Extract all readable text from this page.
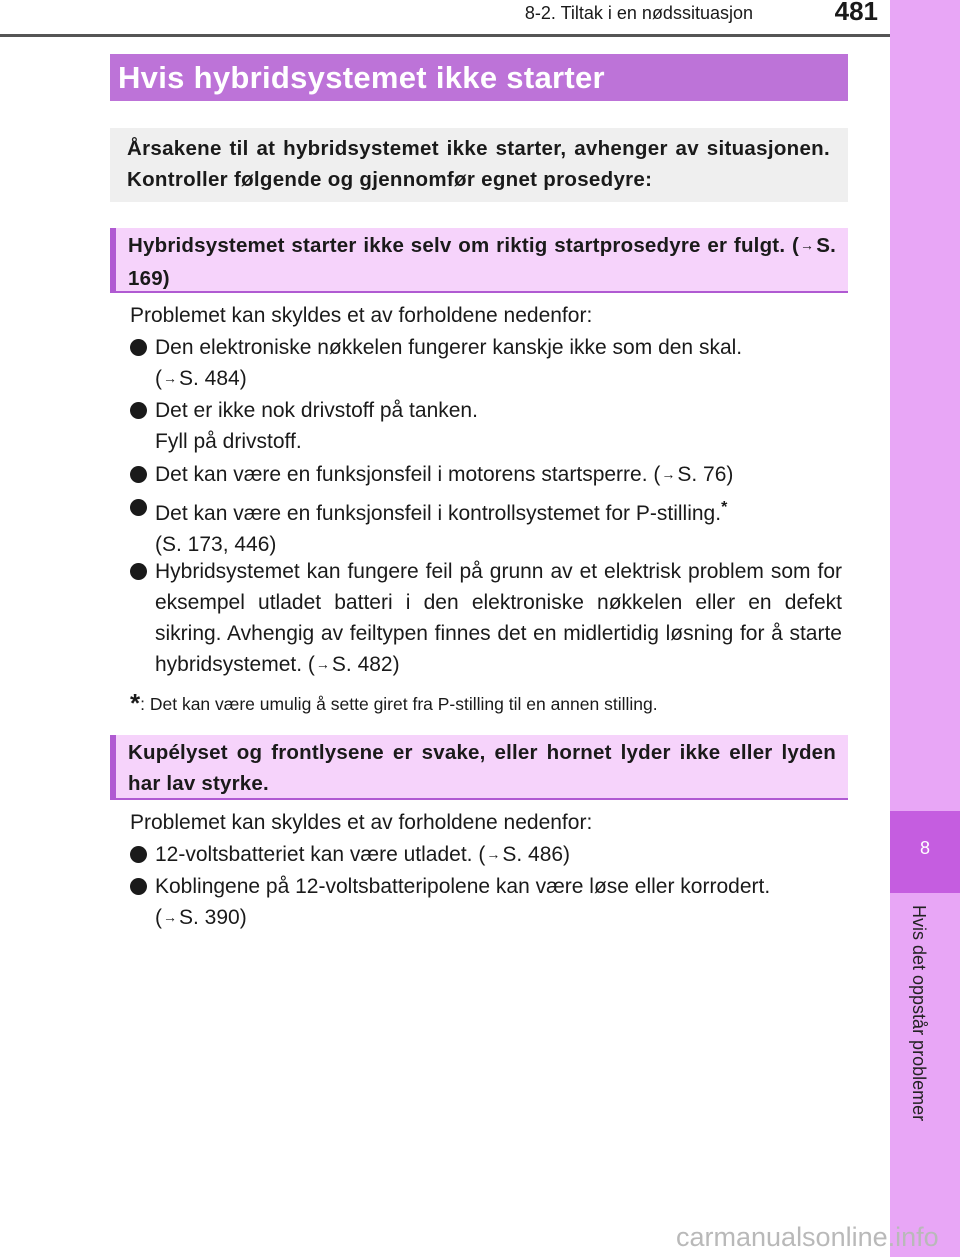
8-2. Tiltak i en nødssituasjon	481
8
Hvis det oppstår problemer
Hvis hybridsystemet ikke starter
Årsakene til at hybridsystemet ikke starter, avhenger av situasjonen. Kontroller følgende og gjennomfør egnet prosedyre:
Hybridsystemet starter ikke selv om riktig startprosedyre er fulgt. (→S. 169)
Problemet kan skyldes et av forholdene nedenfor:
Den elektroniske nøkkelen fungerer kanskje ikke som den skal.
(→S. 484)
Det er ikke nok drivstoff på tanken.
Fyll på drivstoff.
Det kan være en funksjonsfeil i motorens startsperre. (→S. 76)
Det kan være en funksjonsfeil i kontrollsystemet for P-stilling.*
(S. 173, 446)
Hybridsystemet kan fungere feil på grunn av et elektrisk problem som for eksempel utladet batteri i den elektroniske nøkkelen eller en defekt sikring. Avhengig av feiltypen finnes det en midlertidig løsning for å starte hybridsystemet. (→S. 482)
*: Det kan være umulig å sette giret fra P-stilling til en annen stilling.
Kupélyset og frontlysene er svake, eller hornet lyder ikke eller lyden har lav styrke.
Problemet kan skyldes et av forholdene nedenfor:
12-voltsbatteriet kan være utladet. (→S. 486)
Koblingene på 12-voltsbatteripolene kan være løse eller korrodert.
(→S. 390)
carmanualsonline.info
